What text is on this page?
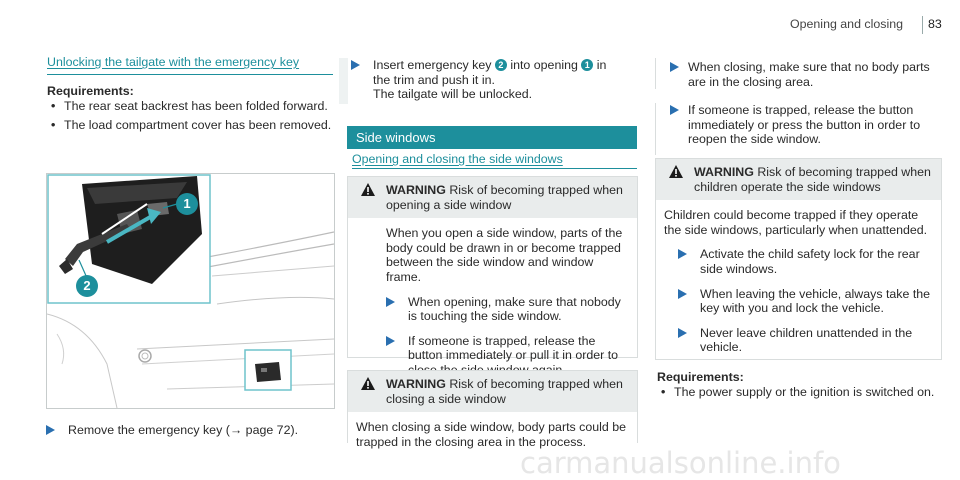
Opening and closing 83
Unlocking the tailgate with the emergency key
Requirements:
• The rear seat backrest has been folded forward.
• The load compartment cover has been removed.
1
2
Remove the emergency key (→ page 72).
Insert emergency key 2 into opening 1 in
the trim and push it in.
The tailgate will be unlocked.
Side windows
Opening and closing the side windows
WARNING Risk of becoming trapped when opening a side window

When you open a side window, parts of the body could be drawn in or become trapped between the side window and window frame.

When opening, make sure that nobody is touching the side window.
If someone is trapped, release the button immediately or pull it in order to
WARNING Risk of becoming trapped when closing a side window

When closing a side window, body parts could be trapped in the closing area in the process.

When closing, make sure that no body parts are in the closing area.
If someone is trapped, release the button immediately or press the button in order to reopen the side window.
WARNING Risk of becoming trapped when children operate the side windows

Children could become trapped if they operate the side windows, particularly when unattended.

Activate the child safety lock for the rear side windows.
When leaving the vehicle, always take the key with you and lock the vehicle.
Never leave children unattended in the vehicle.
Requirements:
• The power supply or the ignition is switched on.
carmanualsonline.info
